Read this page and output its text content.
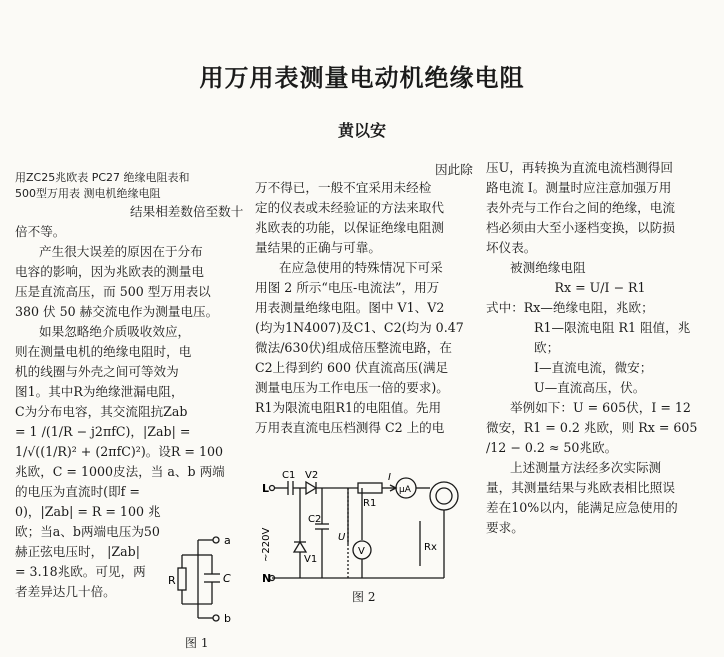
用万用表测量电动机绝缘电阻
黄以安

用ZC25兆欧表 PC27 绝缘电阻表和

500型万用表 测电机绝缘电阻

结果相差数倍至数十

倍不等。

产生很大误差的原因在于分布

电容的影响，因为兆欧表的测量电

压是直流高压，而 500 型万用表以

380 伏 50 赫交流电作为测量电压。

如果忽略绝介质吸收效应，

则在测量电机的绝缘电阻时，电

机的线圈与外壳之间可等效为

图1。其中R为绝缘泄漏电阻，

C为分布电容，其交流阻抗Zab

= 1 /(1/R − j2πfC)，|Zab| =

1/√((1/R)² + (2πfC)²)。设R = 100

兆欧，C = 1000皮法，当 a、b 两端

的电压为直流时(即f =

0)，|Zab| = R = 100 兆

欧；当a、b两端电压为50

赫正弦电压时， |Zab|

= 3.18兆欧。可见，两

者差异达几十倍。

a
b
R	C
图 1

因此除

万不得已，一般不宜采用未经检

定的仪表或未经验证的方法来取代

兆欧表的功能，以保证绝缘电阻测

量结果的正确与可靠。

在应急使用的特殊情况下可采

用图 2 所示“电压-电流法”，用万

用表测量绝缘电阻。图中 V1、V2

(均为1N4007)及C1、C2(均为 0.47

微法/630伏)组成倍压整流电路，在

C2上得到约 600 伏直流高压(满足

测量电压为工作电压一倍的要求)。

R1为限流电阻R1的电阻值。先用

万用表直流电压档测得 C2 上的电

L
N
C1 V2
R1
I
μA
C2
U
V
V1
Rx
~220V
图 2

压U，再转换为直流电流档测得回

路电流 I。测量时应注意加强万用

表外壳与工作台之间的绝缘，电流

档必须由大至小逐档变换，以防损

坏仪表。

被测绝缘电阻

Rx = U/I − R1

式中：Rx—绝缘电阻，兆欧；

R1—限流电阻 R1 阻值，兆

欧；

I—直流电流，微安；

U—直流高压，伏。

举例如下：U = 605伏，I = 12

微安，R1 = 0.2 兆欧，则 Rx = 605

/12 − 0.2 ≈ 50兆欧。

上述测量方法经多次实际测

量，其测量结果与兆欧表相比照误

差在10%以内，能满足应急使用的

要求。
